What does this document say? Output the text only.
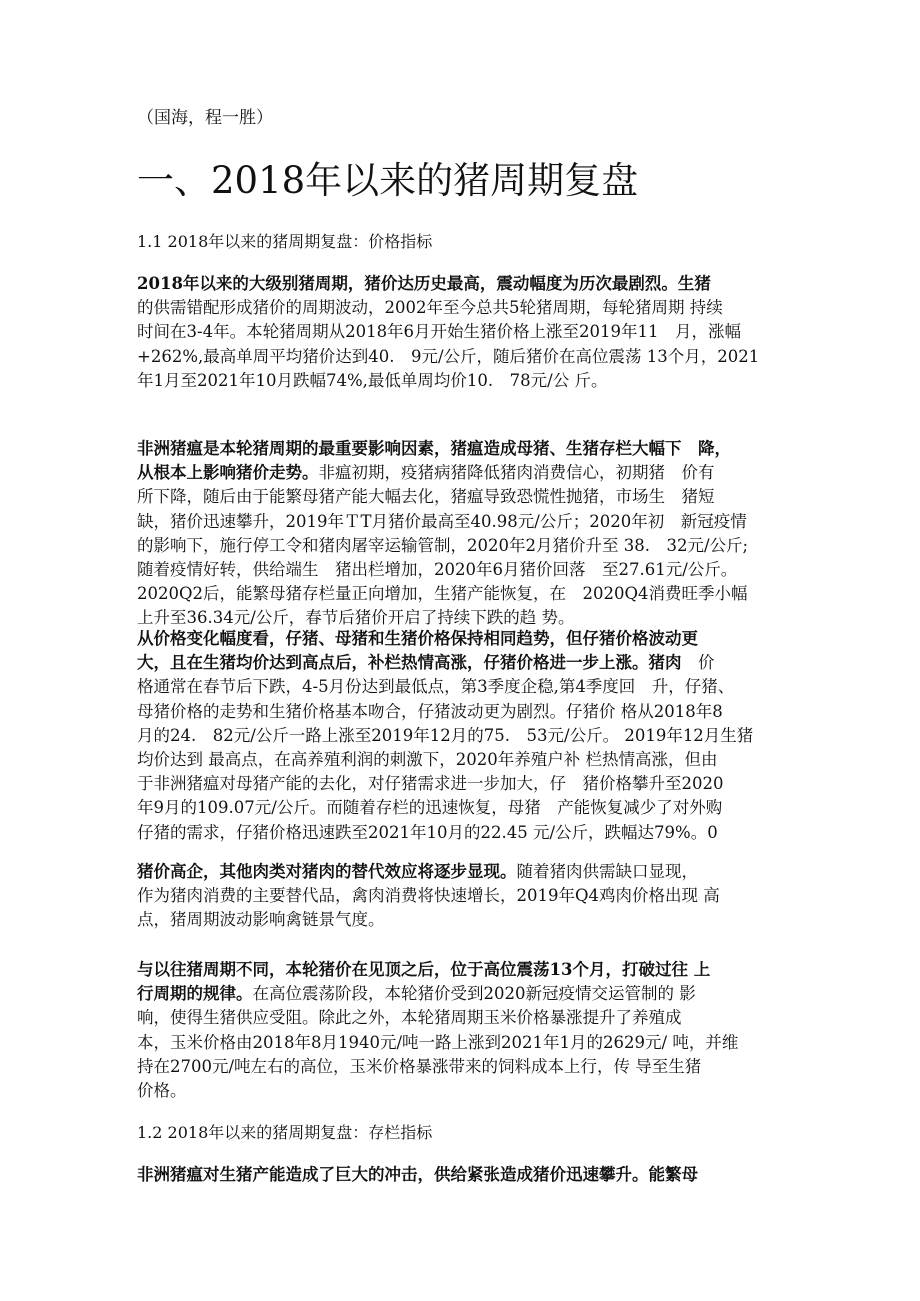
（国海，程一胜）
一、2018年以来的猪周期复盘
1.1 2018年以来的猪周期复盘：价格指标
2018年以来的大级别猪周期，猪价达历史最高，震动幅度为历次最剧烈。生猪
的供需错配形成猪价的周期波动，2002年至今总共5轮猪周期，每轮猪周期 持续
时间在3-4年。本轮猪周期从2018年6月开始生猪价格上涨至2019年11　月，涨幅
+262%,最高单周平均猪价达到40.　9元/公斤，随后猪价在高位震荡 13个月，2021
年1月至2021年10月跌幅74%,最低单周均价10.　78元/公 斤。
非洲猪瘟是本轮猪周期的最重要影响因素，猪瘟造成母猪、生猪存栏大幅下　降，
从根本上影响猪价走势。非瘟初期，疫猪病猪降低猪肉消费信心，初期猪　价有
所下降，随后由于能繁母猪产能大幅去化，猪瘟导致恐慌性抛猪，市场生　猪短
缺，猪价迅速攀升，2019年ＴT月猪价最高至40.98元/公斤；2020年初　新冠疫情
的影响下，施行停工令和猪肉屠宰运输管制，2020年2月猪价升至 38.　32元/公斤;
随着疫情好转，供给端生　猪出栏增加，2020年6月猪价回落　至27.61元/公斤。
2020Q2后，能繁母猪存栏量正向增加，生猪产能恢复，在　2020Q4消费旺季小幅
上升至36.34元/公斤，春节后猪价开启了持续下跌的趋 势。
从价格变化幅度看，仔猪、母猪和生猪价格保持相同趋势，但仔猪价格波动更
大，且在生猪均价达到高点后，补栏热情高涨，仔猪价格进一步上涨。猪肉　价
格通常在春节后下跌，4-5月份达到最低点，第3季度企稳,第4季度回　升，仔猪、
母猪价格的走势和生猪价格基本吻合，仔猪波动更为剧烈。仔猪价 格从2018年8
月的24.　82元/公斤一路上涨至2019年12月的75.　53元/公斤。 2019年12月生猪
均价达到 最高点，在高养殖利润的刺激下，2020年养殖户补 栏热情高涨，但由
于非洲猪瘟对母猪产能的去化，对仔猪需求进一步加大，仔　猪价格攀升至2020
年9月的109.07元/公斤。而随着存栏的迅速恢复，母猪　产能恢复减少了对外购
仔猪的需求，仔猪价格迅速跌至2021年10月的22.45 元/公斤，跌幅达79%。0
猪价高企，其他肉类对猪肉的替代效应将逐步显现。随着猪肉供需缺口显现，
作为猪肉消费的主要替代品，禽肉消费将快速增长，2019年Q4鸡肉价格出现 高
点，猪周期波动影响禽链景气度。
与以往猪周期不同，本轮猪价在见顶之后，位于高位震荡13个月，打破过往 上
行周期的规律。在高位震荡阶段，本轮猪价受到2020新冠疫情交运管制的 影
响，使得生猪供应受阻。除此之外，本轮猪周期玉米价格暴涨提升了养殖成
本，玉米价格由2018年8月1940元/吨一路上涨到2021年1月的2629元/ 吨，并维
持在2700元/吨左右的高位，玉米价格暴涨带来的饲料成本上行，传 导至生猪
价格。
1.2 2018年以来的猪周期复盘：存栏指标
非洲猪瘟对生猪产能造成了巨大的冲击，供给紧张造成猪价迅速攀升。能繁母
